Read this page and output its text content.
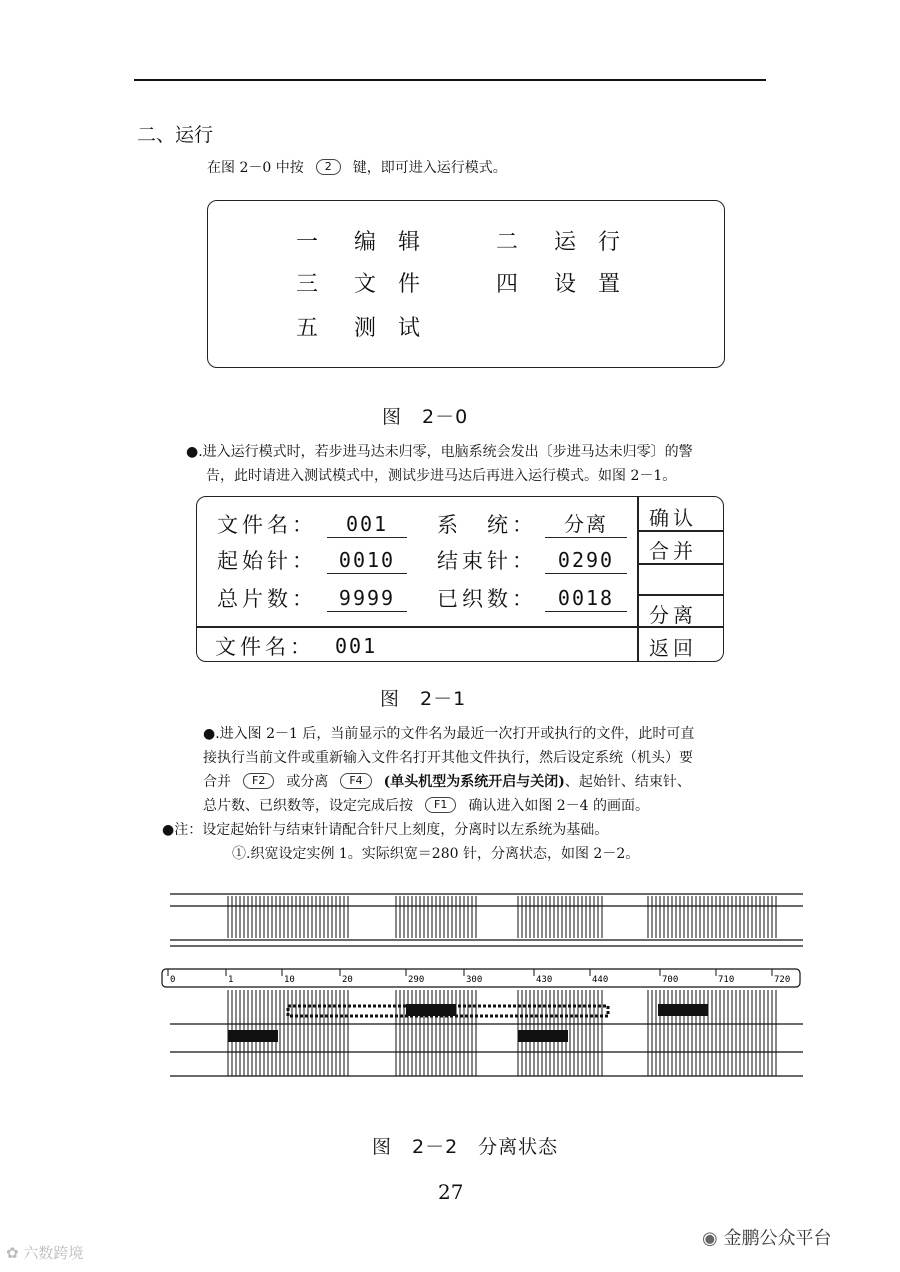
二、运行
在图 2－0 中按 2 键，即可进入运行模式。
一 编辑 二 运行
三 文件 四 设置
五 测试
图　2－0
●.进入运行模式时，若步进马达未归零，电脑系统会发出〔步进马达未归零〕的警
告，此时请进入测试模式中，测试步进马达后再进入运行模式。如图 2－1。
文件名：	001	系　统：	分离
起始针：	0010	结束针：	0290
总片数：	9999	已织数：	0018
文件名： 001
确认
合并
分离
返回
图　2－1
●.进入图 2－1 后，当前显示的文件名为最近一次打开或执行的文件，此时可直
接执行当前文件或重新输入文件名打开其他文件执行，然后设定系统（机头）要
合并 F2 或分离 F4 (单头机型为系统开启与关闭)、起始针、结束针、
总片数、已织数等，设定完成后按 F1 确认进入如图 2－4 的画面。
●注：设定起始针与结束针请配合针尺上刻度，分离时以左系统为基础。
①.织宽设定实例 1。实际织宽＝280 针，分离状态，如图 2－2。
0	1	10	20	290	300	430	440	700	710	720
图　2－2　分离状态
27
✿ 六数跨境
◉ 金鹏公众平台
